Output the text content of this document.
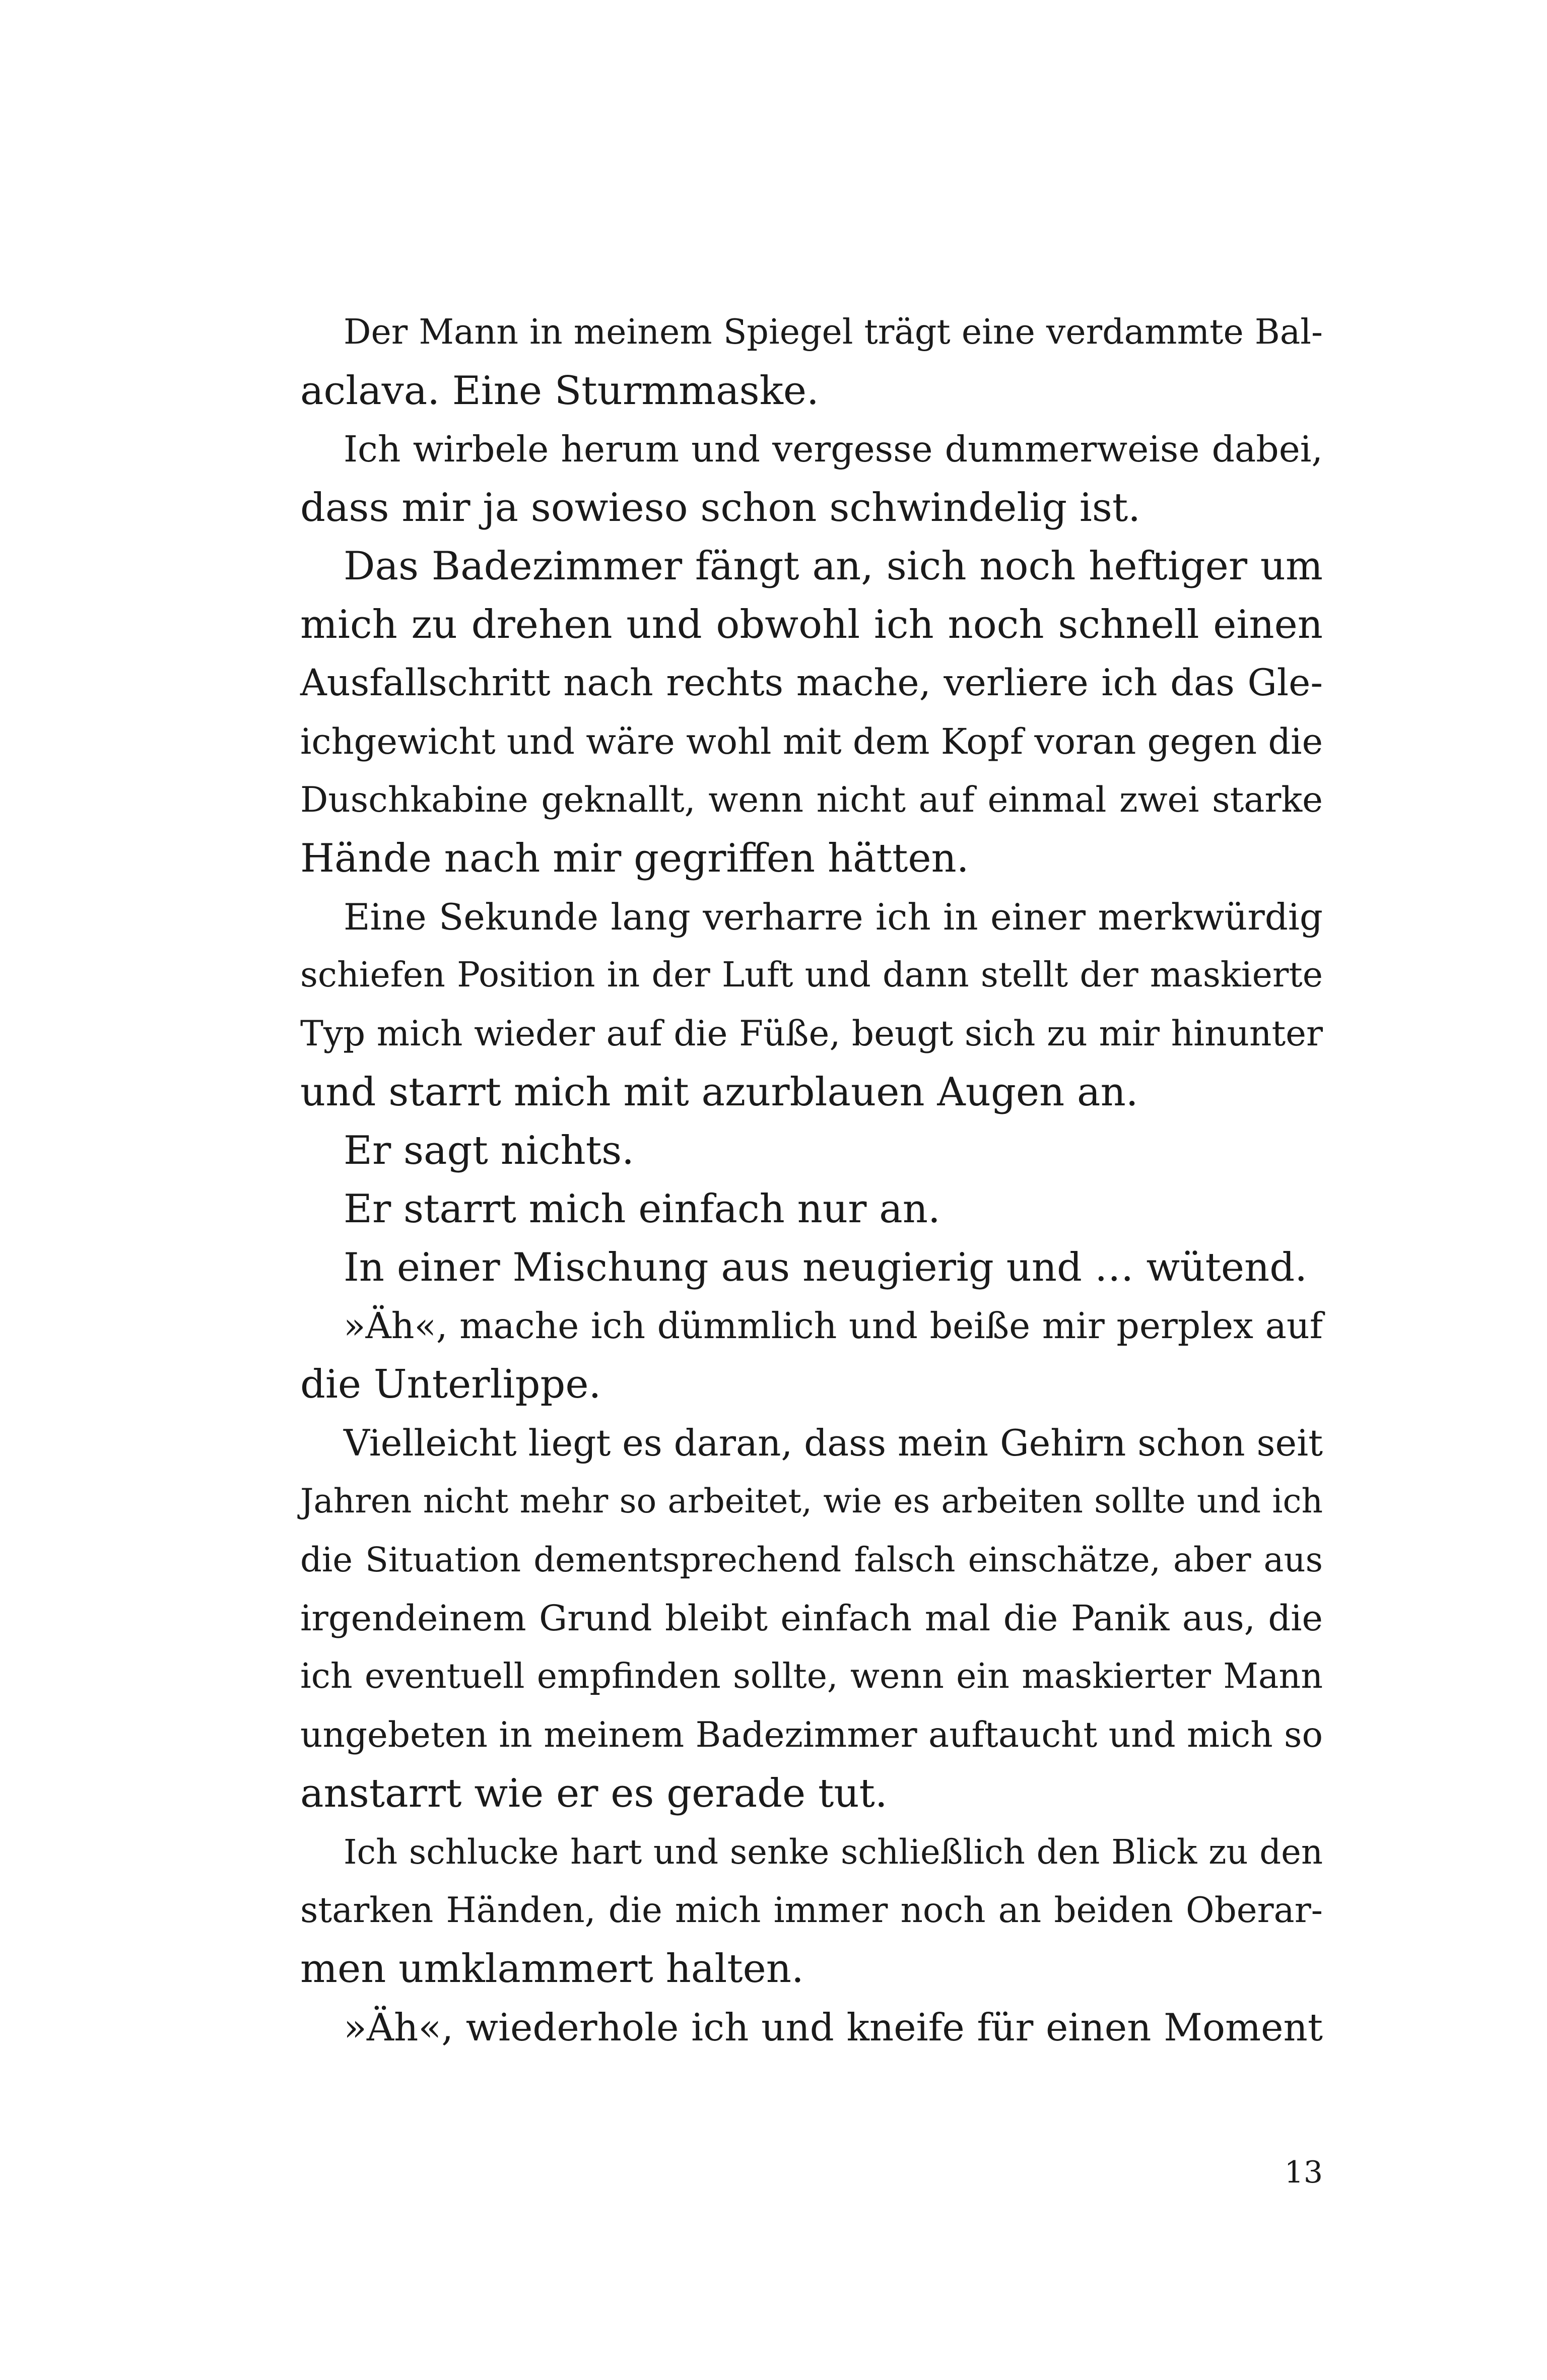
Der Mann in meinem Spiegel trägt eine verdammte Bal-
aclava. Eine Sturmmaske.
Ich wirbele herum und vergesse dummerweise dabei,
dass mir ja sowieso schon schwindelig ist.
Das Badezimmer fängt an, sich noch heftiger um
mich zu drehen und obwohl ich noch schnell einen
Ausfallschritt nach rechts mache, verliere ich das Gle-
ichgewicht und wäre wohl mit dem Kopf voran gegen die
Duschkabine geknallt, wenn nicht auf einmal zwei starke
Hände nach mir gegriffen hätten.
Eine Sekunde lang verharre ich in einer merkwürdig
schiefen Position in der Luft und dann stellt der maskierte
Typ mich wieder auf die Füße, beugt sich zu mir hinunter
und starrt mich mit azurblauen Augen an.
Er sagt nichts.
Er starrt mich einfach nur an.
In einer Mischung aus neugierig und … wütend.
»Äh«, mache ich dümmlich und beiße mir perplex auf
die Unterlippe.
Vielleicht liegt es daran, dass mein Gehirn schon seit
Jahren nicht mehr so arbeitet, wie es arbeiten sollte und ich
die Situation dementsprechend falsch einschätze, aber aus
irgendeinem Grund bleibt einfach mal die Panik aus, die
ich eventuell empfinden sollte, wenn ein maskierter Mann
ungebeten in meinem Badezimmer auftaucht und mich so
anstarrt wie er es gerade tut.
Ich schlucke hart und senke schließlich den Blick zu den
starken Händen, die mich immer noch an beiden Oberar-
men umklammert halten.
»Äh«, wiederhole ich und kneife für einen Moment
13
